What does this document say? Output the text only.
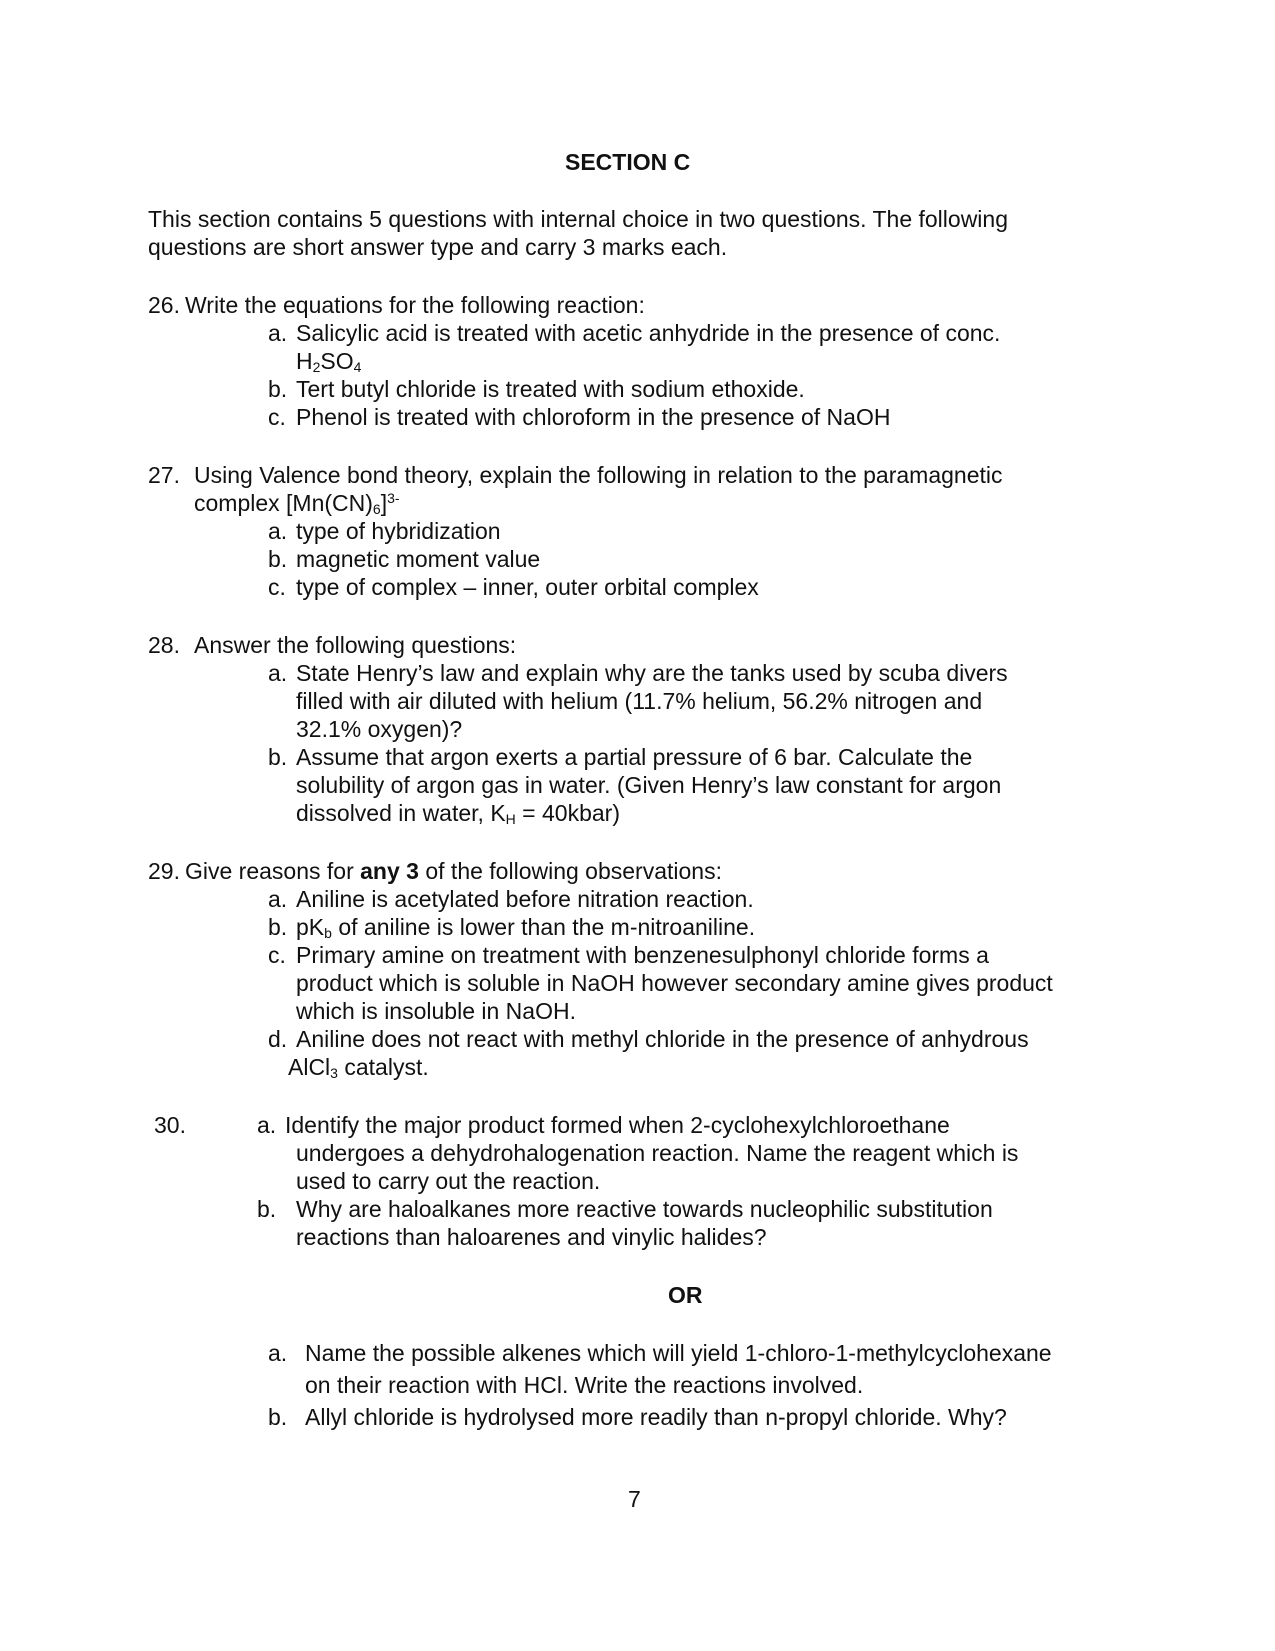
SECTION C
This section contains 5 questions with internal choice in two questions. The following
questions are short answer type and carry 3 marks each.
26. Write the equations for the following reaction:
a. Salicylic acid is treated with acetic anhydride in the presence of conc.
$H_2SO_4$
b. Tert butyl chloride is treated with sodium ethoxide.
c. Phenol is treated with chloroform in the presence of NaOH
27. Using Valence bond theory, explain the following in relation to the paramagnetic
complex $[Mn(CN)_6]^{3-}$
a. type of hybridization
b. magnetic moment value
c. type of complex – inner, outer orbital complex
28. Answer the following questions:
a. State Henry’s law and explain why are the tanks used by scuba divers
filled with air diluted with helium (11.7% helium, 56.2% nitrogen and
32.1% oxygen)?
b. Assume that argon exerts a partial pressure of 6 bar. Calculate the
solubility of argon gas in water. (Given Henry’s law constant for argon
dissolved in water, $K_H$ = 40kbar)
29. Give reasons for any 3 of the following observations:
a. Aniline is acetylated before nitration reaction.
b. $pK_b$ of aniline is lower than the m-nitroaniline.
c. Primary amine on treatment with benzenesulphonyl chloride forms a
product which is soluble in NaOH however secondary amine gives product
which is insoluble in NaOH.
d. Aniline does not react with methyl chloride in the presence of anhydrous
AlCl$_3$ catalyst.
30.	a. Identify the major product formed when 2-cyclohexylchloroethane
undergoes a dehydrohalogenation reaction. Name the reagent which is
used to carry out the reaction.
b. Why are haloalkanes more reactive towards nucleophilic substitution
reactions than haloarenes and vinylic halides?
OR
a. Name the possible alkenes which will yield 1-chloro-1-methylcyclohexane
on their reaction with HCl. Write the reactions involved.
b. Allyl chloride is hydrolysed more readily than n-propyl chloride. Why?
7
